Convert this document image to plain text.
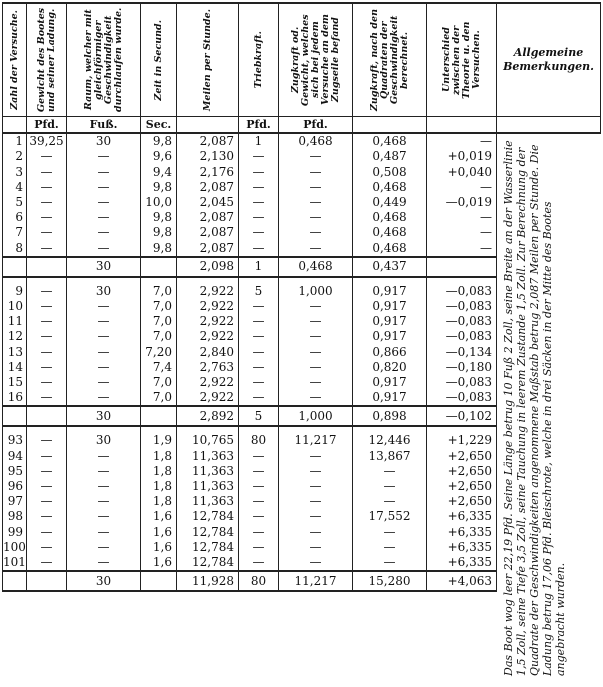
Zahl der Versuche.	Gewicht des Bootes und seiner Ladung.	Raum, welcher mit gleichförmiger Geschwindigkeit durchlaufen wurde.	Zeit in Secund.	Meilen per Stunde.	Triebkraft.	Zugkraft od. Gewicht, welches sich bei jedem Versuche an dem Zugseile befand	Zugkraft, nach den Quadraten der Geschwindigkeit berechnet.	Unterschied zwischen der Theorie u. den Versuchen.	Allgemeine Bemerkungen.
	Pfd.	Fuß.	Sec.		Pfd.	Pfd.			
1	39,25	30	9,8	2,087	1	0,468	0,468	—	
2	—	—	9,6	2,130	—	—	0,487	+0,019	
3	—	—	9,4	2,176	—	—	0,508	+0,040	
4	—	—	9,8	2,087	—	—	0,468	—	
5	—	—	10,0	2,045	—	—	0,449	—0,019	
6	—	—	9,8	2,087	—	—	0,468	—	
7	—	—	9,8	2,087	—	—	0,468	—	
8	—	—	9,8	2,087	—	—	0,468	—	
		30		2,098	1	0,468	0,437		

9	—	30	7,0	2,922	5	1,000	0,917	—0,083	
10	—	—	7,0	2,922	—	—	0,917	—0,083	
11	—	—	7,0	2,922	—	—	0,917	—0,083	
12	—	—	7,0	2,922	—	—	0,917	—0,083	
13	—	—	7,20	2,840	—	—	0,866	—0,134	
14	—	—	7,4	2,763	—	—	0,820	—0,180	
15	—	—	7,0	2,922	—	—	0,917	—0,083	
16	—	—	7,0	2,922	—	—	0,917	—0,083	
		30		2,892	5	1,000	0,898	—0,102	

93	—	30	1,9	10,765	80	11,217	12,446	+1,229	
94	—	—	1,8	11,363	—	—	13,867	+2,650	
95	—	—	1,8	11,363	—	—	—	+2,650	
96	—	—	1,8	11,363	—	—	—	+2,650	
97	—	—	1,8	11,363	—	—	—	+2,650	
98	—	—	1,6	12,784	—	—	17,552	+6,335	
99	—	—	1,6	12,784	—	—	—	+6,335	
100	—	—	1,6	12,784	—	—	—	+6,335	
101	—	—	1,6	12,784	—	—	—	+6,335	
		30		11,928	80	11,217	15,280	+4,063	Das Boot wog leer 22,19 Pfd. Seine Länge betrug 10 Fuß 2 Zoll, seine Breite an der Wasserlinie 1,5 Zoll, seine Tiefe 3,5 Zoll, seine Tauchung in leerem Zustande 1,5 Zoll. Zur Berechnung der Quadrate der Geschwindigkeiten angenommene Maßstab betrug 2,087 Meilen per Stunde. Die Ladung betrug 17,06 Pfd. Bleischrote, welche in drei Säcken in der Mitte des Bootes angebracht wurden.
